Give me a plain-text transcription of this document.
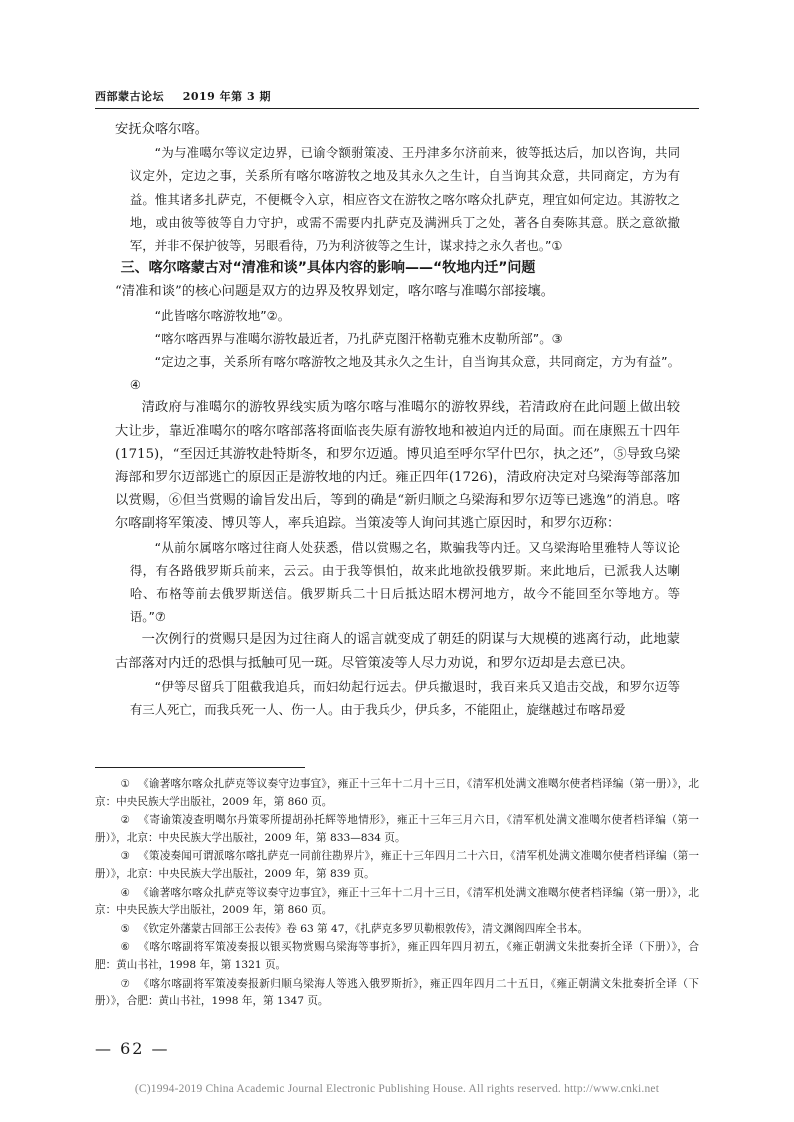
西部蒙古论坛 2019 年第 3 期

安抚众喀尔喀。

“为与准噶尔等议定边界，已谕令额驸策凌、王丹津多尔济前来，彼等抵达后，加以咨询，共同议定外，定边之事，关系所有喀尔喀游牧之地及其永久之生计，自当询其众意，共同商定，方为有益。惟其诸多扎萨克，不便概令入京，相应咨文在游牧之喀尔喀众扎萨克，理宜如何定边。其游牧之地，或由彼等彼等自力守护，或需不需要内扎萨克及满洲兵丁之处，著各自奏陈其意。朕之意欲撤军，并非不保护彼等，另眼看待，乃为利济彼等之生计，谋求持之永久者也。”①

三、喀尔喀蒙古对“清准和谈”具体内容的影响——“牧地内迁”问题

“清准和谈”的核心问题是双方的边界及牧界划定，喀尔喀与准噶尔部接壤。

“此皆喀尔喀游牧地”②。

“喀尔喀西界与准噶尔游牧最近者，乃扎萨克图汗格勒克雅木皮勒所部”。③

“定边之事，关系所有喀尔喀游牧之地及其永久之生计，自当询其众意，共同商定，方为有益”。④

清政府与准噶尔的游牧界线实质为喀尔喀与准噶尔的游牧界线，若清政府在此问题上做出较大让步，靠近准噶尔的喀尔喀部落将面临丧失原有游牧地和被迫内迁的局面。而在康熙五十四年(1715)，“至因迁其游牧赴特斯冬，和罗尔迈遁。博贝追至呼尔罕什巴尔，执之还”，⑤导致乌梁海部和罗尔迈部逃亡的原因正是游牧地的内迁。雍正四年(1726)，清政府决定对乌梁海等部落加以赏赐，⑥但当赏赐的谕旨发出后，等到的确是“新归顺之乌梁海和罗尔迈等已逃逸”的消息。喀尔喀副将军策凌、博贝等人，率兵追踪。当策凌等人询问其逃亡原因时，和罗尔迈称：

“从前尔属喀尔喀过往商人处获悉，借以赏赐之名，欺骗我等内迁。又乌梁海哈里雅特人等议论得，有各路俄罗斯兵前来，云云。由于我等惧怕，故来此地欲投俄罗斯。来此地后，已派我人达喇哈、布格等前去俄罗斯送信。俄罗斯兵二十日后抵达昭木楞河地方，故今不能回至尔等地方。等语。”⑦

一次例行的赏赐只是因为过往商人的谣言就变成了朝廷的阴谋与大规模的逃离行动，此地蒙古部落对内迁的恐惧与抵触可见一斑。尽管策凌等人尽力劝说，和罗尔迈却是去意已决。

“伊等尽留兵丁阻截我追兵，而妇幼起行远去。伊兵撤退时，我百来兵又追击交战，和罗尔迈等有三人死亡，而我兵死一人、伤一人。由于我兵少，伊兵多，不能阻止，旋继越过布喀昂爱

① 《谕著喀尔喀众扎萨克等议奏守边事宜》，雍正十三年十二月十三日，《清军机处满文准噶尔使者档译编（第一册）》，北京：中央民族大学出版社，2009 年，第 860 页。

② 《寄谕策凌查明噶尔丹策零所提胡孙托辉等地情形》，雍正十三年三月六日，《清军机处满文准噶尔使者档译编（第一册）》，北京：中央民族大学出版社，2009 年，第 833—834 页。

③ 《策凌奏闻可谓派喀尔喀扎萨克一同前往勘界片》，雍正十三年四月二十六日，《清军机处满文准噶尔使者档译编（第一册）》，北京：中央民族大学出版社，2009 年，第 839 页。

④ 《谕著喀尔喀众扎萨克等议奏守边事宜》，雍正十三年十二月十三日，《清军机处满文准噶尔使者档译编（第一册）》，北京：中央民族大学出版社，2009 年，第 860 页。

⑤ 《钦定外藩蒙古回部王公表传》卷 63 第 47，《扎萨克多罗贝勒根敦传》，清文渊阁四库全书本。

⑥ 《喀尔喀副将军策凌奏报以银买物赏赐乌梁海等事折》，雍正四年四月初五，《雍正朝满文朱批奏折全译（下册）》，合肥：黄山书社，1998 年，第 1321 页。

⑦ 《喀尔喀副将军策凌奏报新归顺乌梁海人等逃入俄罗斯折》，雍正四年四月二十五日，《雍正朝满文朱批奏折全译（下册）》，合肥：黄山书社，1998 年，第 1347 页。

— 62 —
(C)1994-2019 China Academic Journal Electronic Publishing House. All rights reserved. http://www.cnki.net
